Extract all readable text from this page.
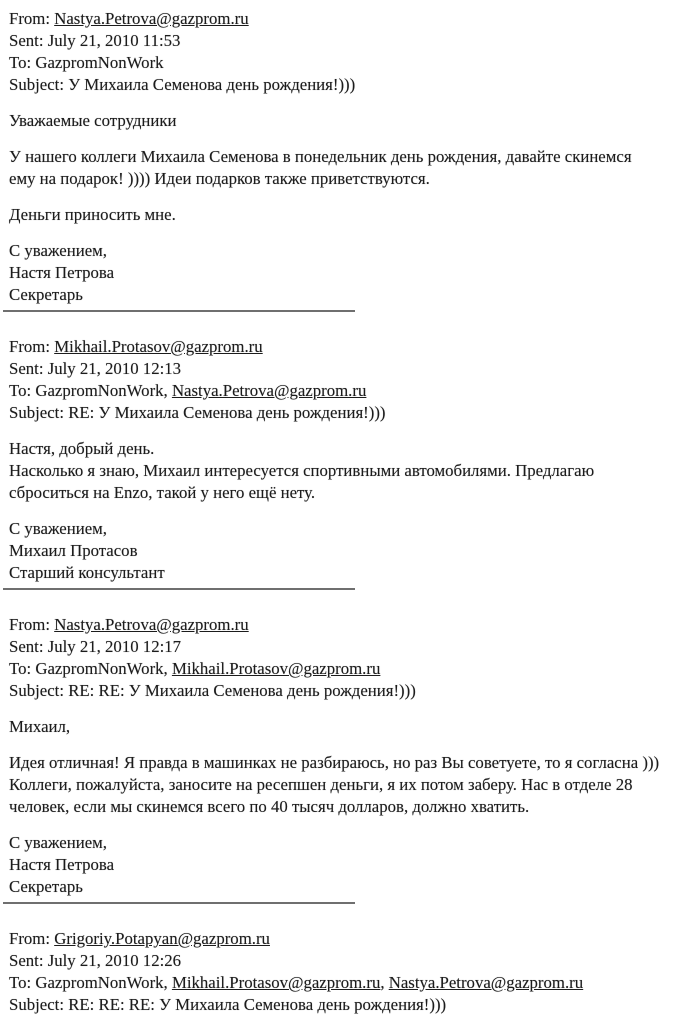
From: Nastya.Petrova@gazprom.ru
Sent: July 21, 2010 11:53
To: GazpromNonWork
Subject: У Михаила Семенова день рождения!)))
Уважаемые сотрудники
У нашего коллеги Михаила Семенова в понедельник день рождения, давайте скинемся
ему на подарок! )))) Идеи подарков также приветствуются.
Деньги приносить мне.
С уважением,
Настя Петрова
Секретарь
From: Mikhail.Protasov@gazprom.ru
Sent: July 21, 2010 12:13
To: GazpromNonWork, Nastya.Petrova@gazprom.ru
Subject: RE: У Михаила Семенова день рождения!)))
Настя, добрый день.
Насколько я знаю, Михаил интересуется спортивными автомобилями. Предлагаю
сброситься на Enzo, такой у него ещё нету.
С уважением,
Михаил Протасов
Старший консультант
From: Nastya.Petrova@gazprom.ru
Sent: July 21, 2010 12:17
To: GazpromNonWork, Mikhail.Protasov@gazprom.ru
Subject: RE: RE: У Михаила Семенова день рождения!)))
Михаил,
Идея отличная! Я правда в машинках не разбираюсь, но раз Вы советуете, то я согласна )))
Коллеги, пожалуйста, заносите на ресепшен деньги, я их потом заберу. Нас в отделе 28
человек, если мы скинемся всего по 40 тысяч долларов, должно хватить.
С уважением,
Настя Петрова
Секретарь
From: Grigoriy.Potapyan@gazprom.ru
Sent: July 21, 2010 12:26
To: GazpromNonWork, Mikhail.Protasov@gazprom.ru, Nastya.Petrova@gazprom.ru
Subject: RE: RE: RE: У Михаила Семенова день рождения!)))
